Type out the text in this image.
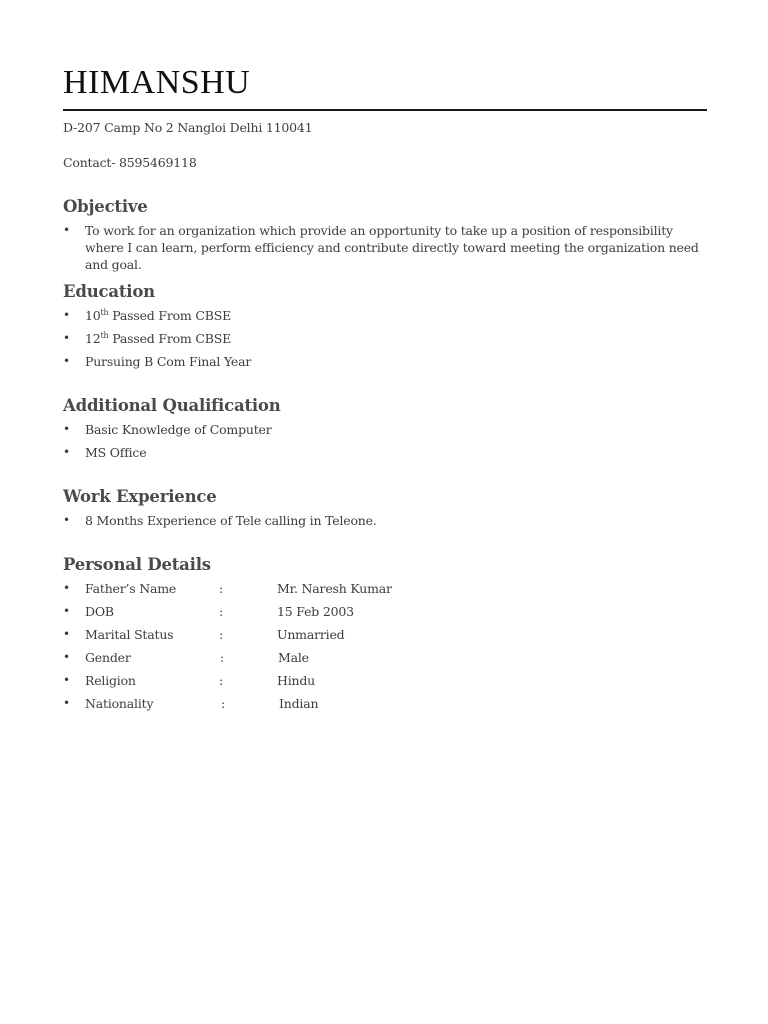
HIMANSHU
D-207 Camp No 2 Nangloi Delhi 110041
Contact- 8595469118
Objective
• To work for an organization which provide an opportunity to take up a position of responsibility where I can learn, perform efficiency and contribute directly toward meeting the organization need and goal.
Education
• 10th Passed From CBSE
• 12th Passed From CBSE
• Pursuing B Com Final Year
Additional Qualification
• Basic Knowledge of Computer
• MS Office
Work Experience
• 8 Months Experience of Tele calling in Teleone.
Personal Details
• Father’s Name	:	Mr. Naresh Kumar
• DOB	:	15 Feb 2003
• Marital Status	:	Unmarried
• Gender	:	Male
• Religion	:	Hindu
• Nationality	:	Indian
